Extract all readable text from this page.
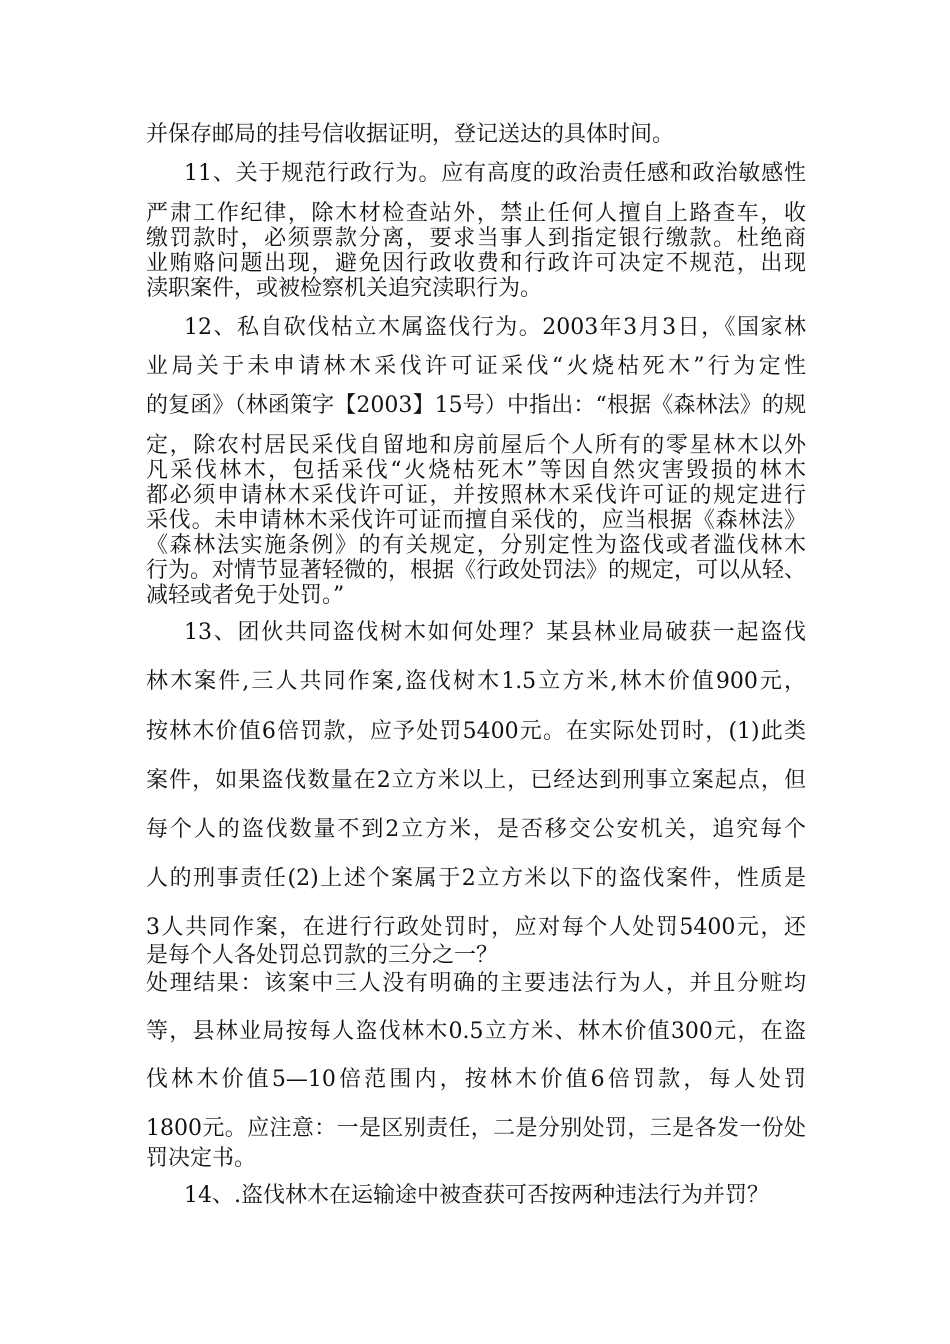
并保存邮局的挂号信收据证明，登记送达的具体时间。
11、关于规范行政行为。应有高度的政治责任感和政治敏感性
严肃工作纪律，除木材检查站外，禁止任何人擅自上路查车，收
缴罚款时，必须票款分离，要求当事人到指定银行缴款。杜绝商
业贿赂问题出现，避免因行政收费和行政许可决定不规范，出现
渎职案件，或被检察机关追究渎职行为。
12、私自砍伐枯立木属盗伐行为。2003年3月3日，《国家林
业局关于未申请林木采伐许可证采伐“火烧枯死木”行为定性
的复函》（林函策字【2003】15号）中指出：“根据《森林法》的规
定，除农村居民采伐自留地和房前屋后个人所有的零星林木以外
凡采伐林木，包括采伐“火烧枯死木”等因自然灾害毁损的林木
都必须申请林木采伐许可证，并按照林木采伐许可证的规定进行
采伐。未申请林木采伐许可证而擅自采伐的，应当根据《森林法》
《森林法实施条例》的有关规定，分别定性为盗伐或者滥伐林木
行为。对情节显著轻微的，根据《行政处罚法》的规定，可以从轻、
减轻或者免于处罚。”
13、团伙共同盗伐树木如何处理？某县林业局破获一起盗伐
林木案件,三人共同作案,盗伐树木1.5立方米,林木价值900元，
按林木价值6倍罚款，应予处罚5400元。在实际处罚时，(1)此类
案件，如果盗伐数量在2立方米以上，已经达到刑事立案起点，但
每个人的盗伐数量不到2立方米，是否移交公安机关，追究每个
人的刑事责任(2)上述个案属于2立方米以下的盗伐案件，性质是
3人共同作案，在进行行政处罚时，应对每个人处罚5400元，还
是每个人各处罚总罚款的三分之一？
处理结果：该案中三人没有明确的主要违法行为人，并且分赃均
等，县林业局按每人盗伐林木0.5立方米、林木价值300元，在盗
伐林木价值5—10倍范围内，按林木价值6倍罚款，每人处罚
1800元。应注意：一是区别责任，二是分别处罚，三是各发一份处
罚决定书。
14、.盗伐林木在运输途中被查获可否按两种违法行为并罚？
